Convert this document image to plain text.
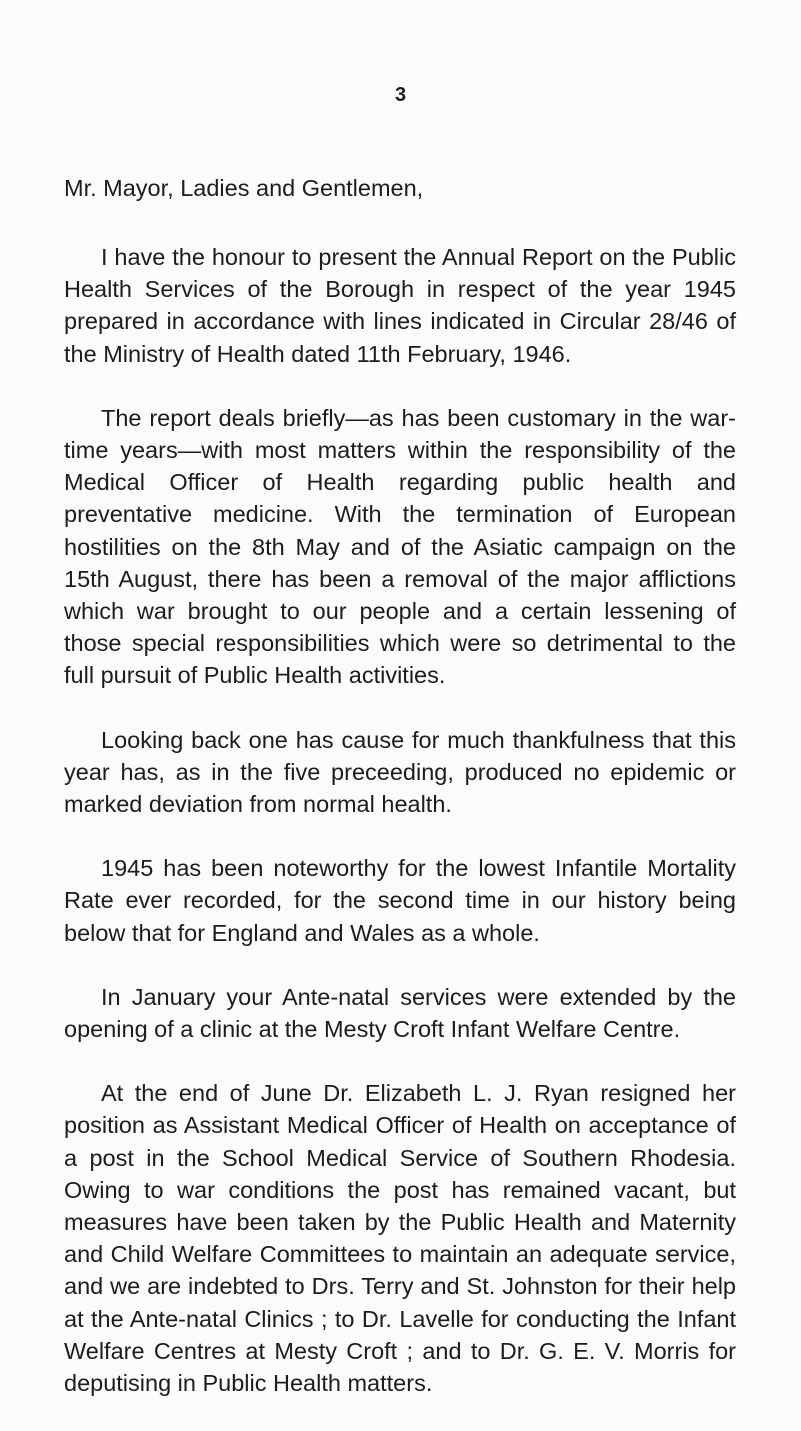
3

Mr. Mayor, Ladies and Gentlemen,

I have the honour to present the Annual Report on the Public Health Services of the Borough in respect of the year 1945 prepared in accordance with lines indicated in Circular 28/46 of the Ministry of Health dated 11th February, 1946.

The report deals briefly—as has been customary in the war-time years—with most matters within the responsibility of the Medical Officer of Health regarding public health and preventative medicine. With the termination of European hostilities on the 8th May and of the Asiatic campaign on the 15th August, there has been a removal of the major afflictions which war brought to our people and a certain lessening of those special responsibilities which were so detrimental to the full pursuit of Public Health activities.

Looking back one has cause for much thankfulness that this year has, as in the five preceeding, produced no epidemic or marked deviation from normal health.

1945 has been noteworthy for the lowest Infantile Mortality Rate ever recorded, for the second time in our history being below that for England and Wales as a whole.

In January your Ante-natal services were extended by the opening of a clinic at the Mesty Croft Infant Welfare Centre.

At the end of June Dr. Elizabeth L. J. Ryan resigned her position as Assistant Medical Officer of Health on acceptance of a post in the School Medical Service of Southern Rhodesia. Owing to war conditions the post has remained vacant, but measures have been taken by the Public Health and Maternity and Child Welfare Committees to maintain an adequate service, and we are indebted to Drs. Terry and St. Johnston for their help at the Ante-natal Clinics ; to Dr. Lavelle for conducting the Infant Welfare Centres at Mesty Croft ; and to Dr. G. E. V. Morris for deputising in Public Health matters.
